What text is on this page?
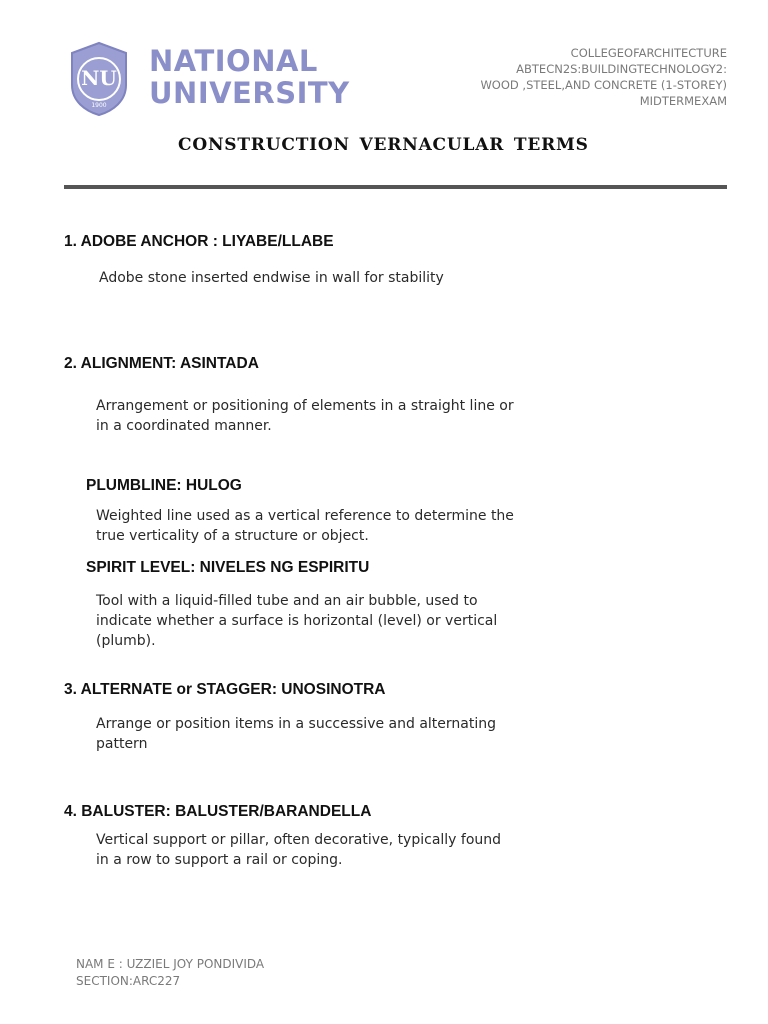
NU
1900
NATIONAL
UNIVERSITY
COLLEGEOFARCHITECTURE
ABTECN2S:BUILDINGTECHNOLOGY2:
WOOD ,STEEL,AND CONCRETE (1-STOREY)
MIDTERMEXAM
CONSTRUCTION VERNACULAR TERMS
1. ADOBE ANCHOR : LIYABE/LLABE
Adobe stone inserted endwise in wall for stability
2. ALIGNMENT: ASINTADA
Arrangement or positioning of elements in a straight line or in a coordinated manner.
PLUMBLINE: HULOG
Weighted line used as a vertical reference to determine the true verticality of a structure or object.
SPIRIT LEVEL: NIVELES NG ESPIRITU
Tool with a liquid-filled tube and an air bubble, used to indicate whether a surface is horizontal (level) or vertical (plumb).
3. ALTERNATE or STAGGER: UNOSINOTRA
Arrange or position items in a successive and alternating pattern
4. BALUSTER: BALUSTER/BARANDELLA
Vertical support or pillar, often decorative, typically found in a row to support a rail or coping.
NAM E : UZZIEL JOY PONDIVIDA
SECTION:ARC227
